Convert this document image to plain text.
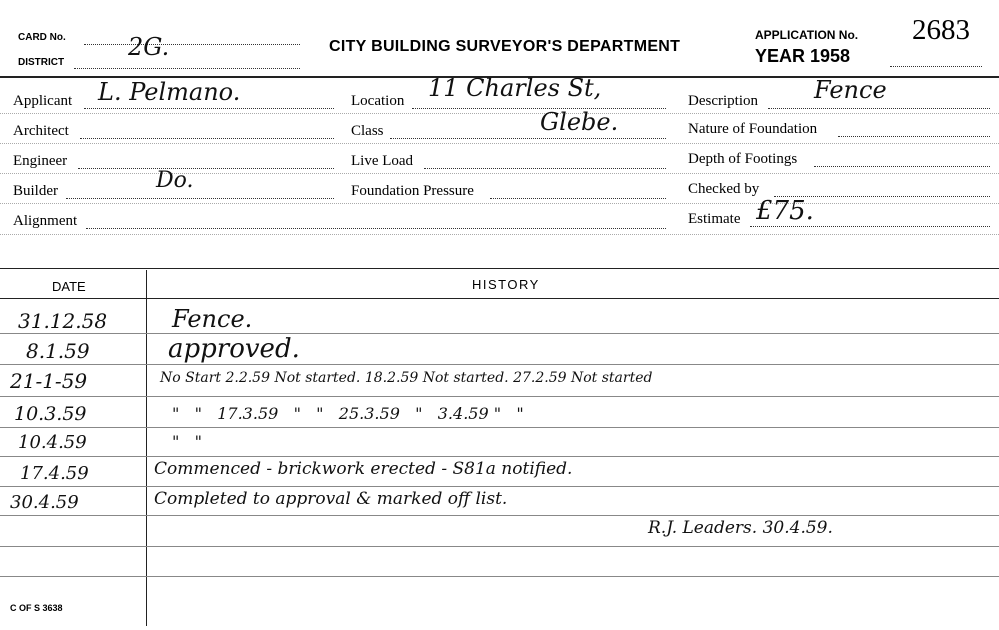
CARD No.
DISTRICT
2G.	CITY BUILDING SURVEYOR'S DEPARTMENT
APPLICATION No. 2683
YEAR 1958
Applicant L. Pelmano.
Architect
Engineer
Builder	Do.
Alignment
Location 11 Charles St,
Class	Glebe.
Live Load
Foundation Pressure
Description Fence
Nature of Foundation
Depth of Footings
Checked by
Estimate £75.
DATE	HISTORY
31.12.58	Fence.
8.1.59	approved.
21-1-59	No Start 2.2.59 Not started. 18.2.59 Not started. 27.2.59 Not started
10.3.59	"   "   17.3.59   "   "   25.3.59   "   3.4.59 "   "
10.4.59	"   "
17.4.59	Commenced - brickwork erected - S81a notified.
30.4.59	Completed to approval & marked off list.
R.J. Leaders. 30.4.59.
C OF S 3638
